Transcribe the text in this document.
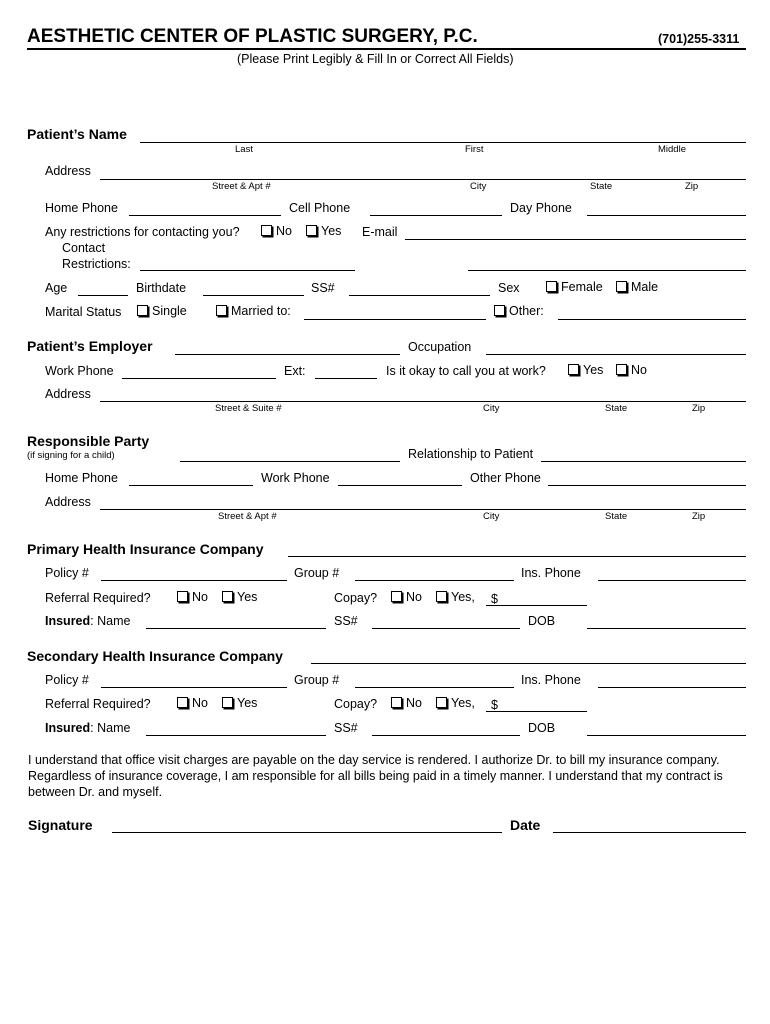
AESTHETIC CENTER OF PLASTIC SURGERY, P.C.	(701)255-3311
(Please Print Legibly & Fill In or Correct All Fields)
Patient’s Name
Last	First	Middle
Address
Street & Apt #	City	State	Zip
Home Phone	Cell Phone	Day Phone
Any restrictions for contacting you?	No	Yes E-mail
Contact
Restrictions:
Age	Birthdate	SS#	Sex	Female	Male
Marital Status	Single	Married to:	Other:
Patient’s Employer	Occupation
Work Phone	Ext:	Is it okay to call you at work?	Yes	No
Address
Street & Suite #	City	State	Zip
Responsible Party
(if signing for a child)	Relationship to Patient
Home Phone	Work Phone	Other Phone
Address
Street & Apt #	City	State	Zip
Primary Health Insurance Company
Policy #	Group #	Ins. Phone
Referral Required?	No	Yes	Copay?	No	Yes, $
Insured: Name	SS#	DOB
Secondary Health Insurance Company
Policy #	Group #	Ins. Phone
Referral Required?	No	Yes	Copay?	No	Yes, $
Insured: Name	SS#	DOB
I understand that office visit charges are payable on the day service is rendered. I authorize Dr. to bill my insurance company. Regardless of insurance coverage, I am responsible for all bills being paid in a timely manner. I understand that my contract is between Dr. and myself.
Signature	Date
